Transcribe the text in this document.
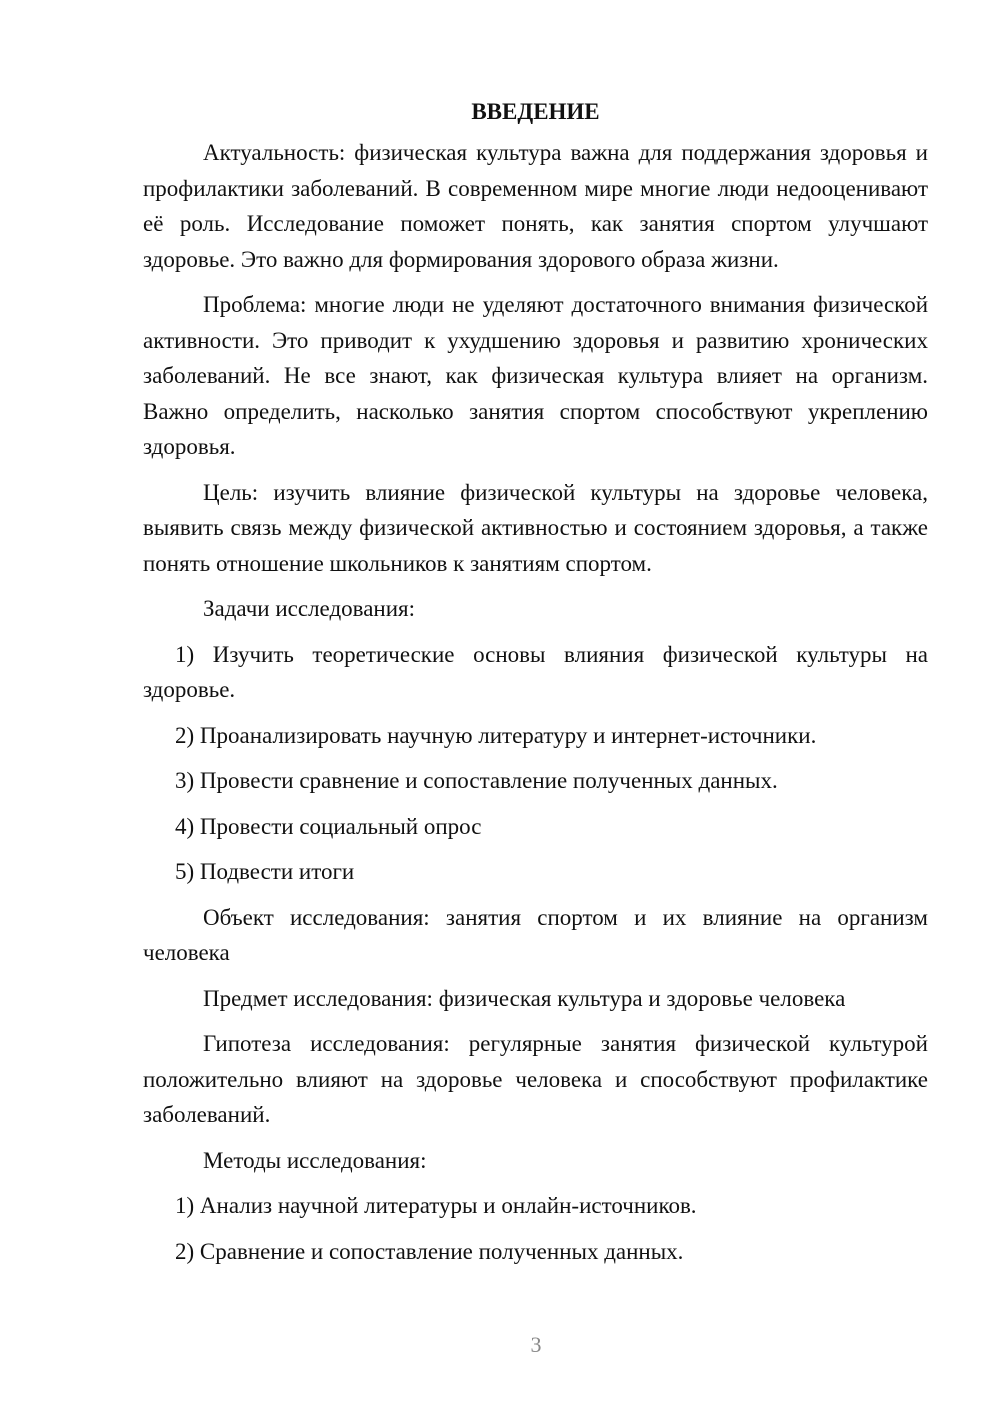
ВВЕДЕНИЕ

Актуальность: физическая культура важна для поддержания здоровья и профилактики заболеваний. В современном мире многие люди недооценивают её роль. Исследование поможет понять, как занятия спортом улучшают здоровье. Это важно для формирования здорового образа жизни.

Проблема: многие люди не уделяют достаточного внимания физической активности. Это приводит к ухудшению здоровья и развитию хронических заболеваний. Не все знают, как физическая культура влияет на организм. Важно определить, насколько занятия спортом способствуют укреплению здоровья.

Цель: изучить влияние физической культуры на здоровье человека, выявить связь между физической активностью и состоянием здоровья, а также понять отношение школьников к занятиям спортом.

Задачи исследования:

1) Изучить теоретические основы влияния физической культуры на здоровье.

2) Проанализировать научную литературу и интернет-источники.

3) Провести сравнение и сопоставление полученных данных.

4) Провести социальный опрос

5) Подвести итоги

Объект исследования: занятия спортом и их влияние на организм человека

Предмет исследования: физическая культура и здоровье человека

Гипотеза исследования: регулярные занятия физической культурой положительно влияют на здоровье человека и способствуют профилактике заболеваний.

Методы исследования:

1) Анализ научной литературы и онлайн-источников.

2) Сравнение и сопоставление полученных данных.

3
